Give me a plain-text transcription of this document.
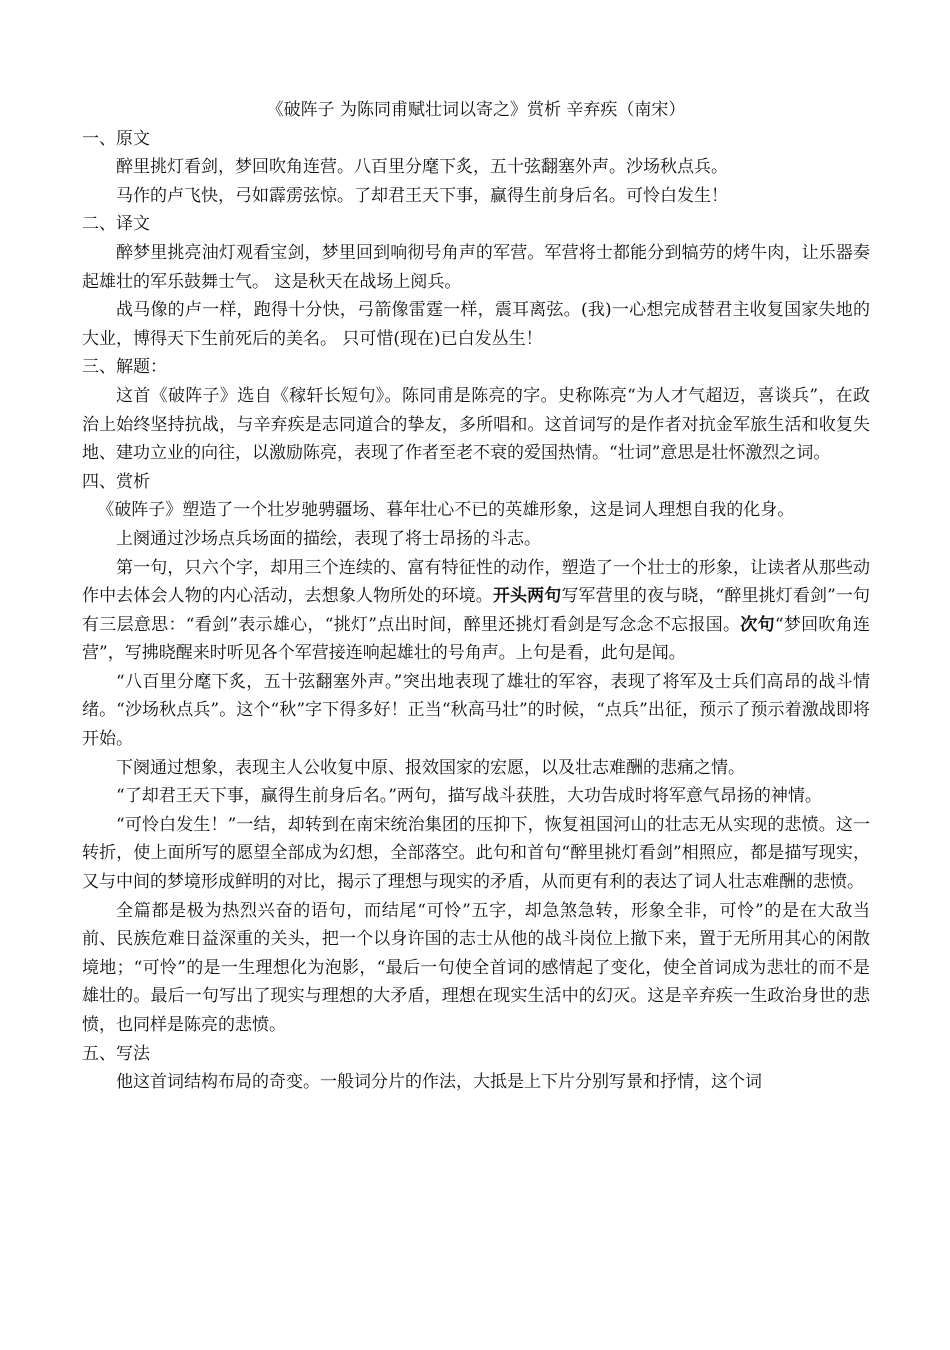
《破阵子 为陈同甫赋壮词以寄之》赏析 辛弃疾（南宋）
一、原文

醉里挑灯看剑，梦回吹角连营。八百里分麾下炙，五十弦翻塞外声。沙场秋点兵。

马作的卢飞快，弓如霹雳弦惊。了却君王天下事，赢得生前身后名。可怜白发生！

二、译文

醉梦里挑亮油灯观看宝剑，梦里回到响彻号角声的军营。军营将士都能分到犒劳的烤牛肉，让乐器奏起雄壮的军乐鼓舞士气。 这是秋天在战场上阅兵。

战马像的卢一样，跑得十分快，弓箭像雷霆一样，震耳离弦。(我)一心想完成替君主收复国家失地的大业，博得天下生前死后的美名。 只可惜(现在)已白发丛生！

三、解题：

这首《破阵子》选自《稼轩长短句》。陈同甫是陈亮的字。史称陈亮“为人才气超迈，喜谈兵”，在政治上始终坚持抗战，与辛弃疾是志同道合的挚友，多所唱和。这首词写的是作者对抗金军旅生活和收复失地、建功立业的向往，以激励陈亮，表现了作者至老不衰的爱国热情。“壮词”意思是壮怀激烈之词。

四、赏析

《破阵子》塑造了一个壮岁驰骋疆场、暮年壮心不已的英雄形象，这是词人理想自我的化身。

上阕通过沙场点兵场面的描绘，表现了将士昂扬的斗志。

第一句，只六个字，却用三个连续的、富有特征性的动作，塑造了一个壮士的形象，让读者从那些动作中去体会人物的内心活动，去想象人物所处的环境。开头两句写军营里的夜与晓，“醉里挑灯看剑”一句有三层意思：“看剑”表示雄心，“挑灯”点出时间，醉里还挑灯看剑是写念念不忘报国。次句“梦回吹角连营”，写拂晓醒来时听见各个军营接连响起雄壮的号角声。上句是看，此句是闻。

“八百里分麾下炙，五十弦翻塞外声。”突出地表现了雄壮的军容，表现了将军及士兵们高昂的战斗情绪。“沙场秋点兵”。这个“秋”字下得多好！正当“秋高马壮”的时候，“点兵”出征，预示了预示着激战即将开始。

下阕通过想象，表现主人公收复中原、报效国家的宏愿，以及壮志难酬的悲痛之情。

“了却君王天下事，赢得生前身后名。”两句，描写战斗获胜，大功告成时将军意气昂扬的神情。

“可怜白发生！”一结，却转到在南宋统治集团的压抑下，恢复祖国河山的壮志无从实现的悲愤。这一转折，使上面所写的愿望全部成为幻想，全部落空。此句和首句“醉里挑灯看剑”相照应，都是描写现实，又与中间的梦境形成鲜明的对比，揭示了理想与现实的矛盾，从而更有利的表达了词人壮志难酬的悲愤。

全篇都是极为热烈兴奋的语句，而结尾“可怜”五字，却急煞急转，形象全非，可怜”的是在大敌当前、民族危难日益深重的关头，把一个以身许国的志士从他的战斗岗位上撤下来，置于无所用其心的闲散境地；“可怜”的是一生理想化为泡影，“最后一句使全首词的感情起了变化，使全首词成为悲壮的而不是雄壮的。最后一句写出了现实与理想的大矛盾，理想在现实生活中的幻灭。这是辛弃疾一生政治身世的悲愤，也同样是陈亮的悲愤。

五、写法

他这首词结构布局的奇变。一般词分片的作法，大抵是上下片分别写景和抒情，这个词
